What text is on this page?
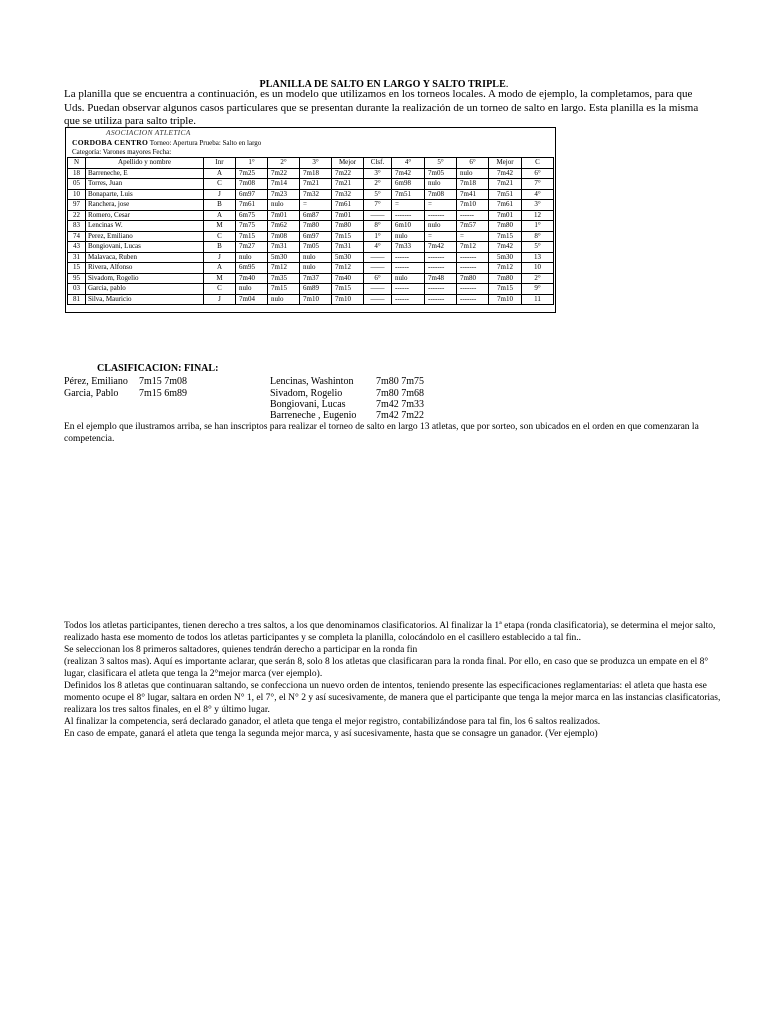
PLANILLA DE SALTO EN LARGO Y SALTO TRIPLE.
La planilla que se encuentra a continuación, es un modelo que utilizamos en los torneos locales. A modo de ejemplo, la completamos, para que Uds. Puedan observar algunos casos particulares que se presentan durante la realización de un torneo de salto en largo. Esta planilla es la misma que se utiliza para salto triple.
ASOCIACION ATLETICA
CORDOBA CENTRO Torneo: Apertura Prueba: Salto en largo
Categoría: Varones mayores Fecha:
N	Apellido y nombre	Inr	1°	2°	3°	Mejor	Clsf.	4°	5°	6°	Mejor	C
18	Barreneche, E	A	7m25	7m22	7m18	7m22	3°	7m42	7m05	nulo	7m42	6°
05	Torres, Juan	C	7m08	7m14	7m21	7m21	2°	6m98	nulo	7m18	7m21	7°
10	Bonaparte, Luis	J	6m97	7m23	7m32	7m32	5°	7m51	7m08	7m41	7m51	4°
97	Ranchera, jose	B	7m61	nulo	=	7m61	7°	=	=	7m10	7m61	3°
22	Romero, Cesar	A	6m75	7m01	6m87	7m01	——	-------	-------	------	7m01	12
83	Lencinas W.	M	7m75	7m62	7m80	7m80	8°	6m10	nulo	7m57	7m80	1°
74	Perez, Emiliano	C	7m15	7m08	6m97	7m15	1°	nulo	=	=	7m15	8°
43	Bongiovani, Lucas	B	7m27	7m31	7m05	7m31	4°	7m33	7m42	7m12	7m42	5°
31	Malavaca, Ruben	J	nulo	5m30	nulo	5m30	——	------	-------	-------	5m30	13
15	Rivera, Alfonso	A	6m95	7m12	nulo	7m12	——	------	-------	-------	7m12	10
95	Sivadom, Rogelio	M	7m40	7m35	7m37	7m40	6°	nulo	7m48	7m80	7m80	2°
03	Garcia, pablo	C	nulo	7m15	6m89	7m15	——	------	-------	-------	7m15	9°
81	Silva, Mauricio	J	7m04	nulo	7m10	7m10	——	------	-------	-------	7m10	11
CLASIFICACION: FINAL:
Pérez, Emiliano 7m15 7m08
Garcia, Pablo 7m15 6m89
Lencinas, Washinton 7m80 7m75
Sivadom, Rogelio	7m80 7m68
Bongiovani, Lucas	7m42 7m33
Barreneche , Eugenio 7m42 7m22
En el ejemplo que ilustramos arriba, se han inscriptos para realizar el torneo de salto en largo 13 atletas, que por sorteo, son ubicados en el orden en que comenzaran la competencia.

Todos los atletas participantes, tienen derecho a tres saltos, a los que denominamos clasificatorios. Al finalizar la 1ª etapa (ronda clasificatoria), se determina el mejor salto, realizado hasta ese momento de todos los atletas participantes y se completa la planilla, colocándolo en el casillero establecido a tal fin..

Se seleccionan los 8 primeros saltadores, quienes tendrán derecho a participar en la ronda fin

(realizan 3 saltos mas). Aquí es importante aclarar, que serán 8, solo 8 los atletas que clasificaran para la ronda final. Por ello, en caso que se produzca un empate en el 8° lugar, clasificara el atleta que tenga la 2°mejor marca (ver ejemplo).

Definidos los 8 atletas que continuaran saltando, se confecciona un nuevo orden de intentos, teniendo presente las especificaciones reglamentarias: el atleta que hasta ese momento ocupe el 8° lugar, saltara en orden N° 1, el 7°, el N° 2 y así sucesivamente, de manera que el participante que tenga la mejor marca en las instancias clasificatorias, realizara los tres saltos finales, en el 8° y último lugar.

Al finalizar la competencia, será declarado ganador, el atleta que tenga el mejor registro, contabilizándose para tal fin, los 6 saltos realizados.

En caso de empate, ganará el atleta que tenga la segunda mejor marca, y así sucesivamente, hasta que se consagre un ganador. (Ver ejemplo)
